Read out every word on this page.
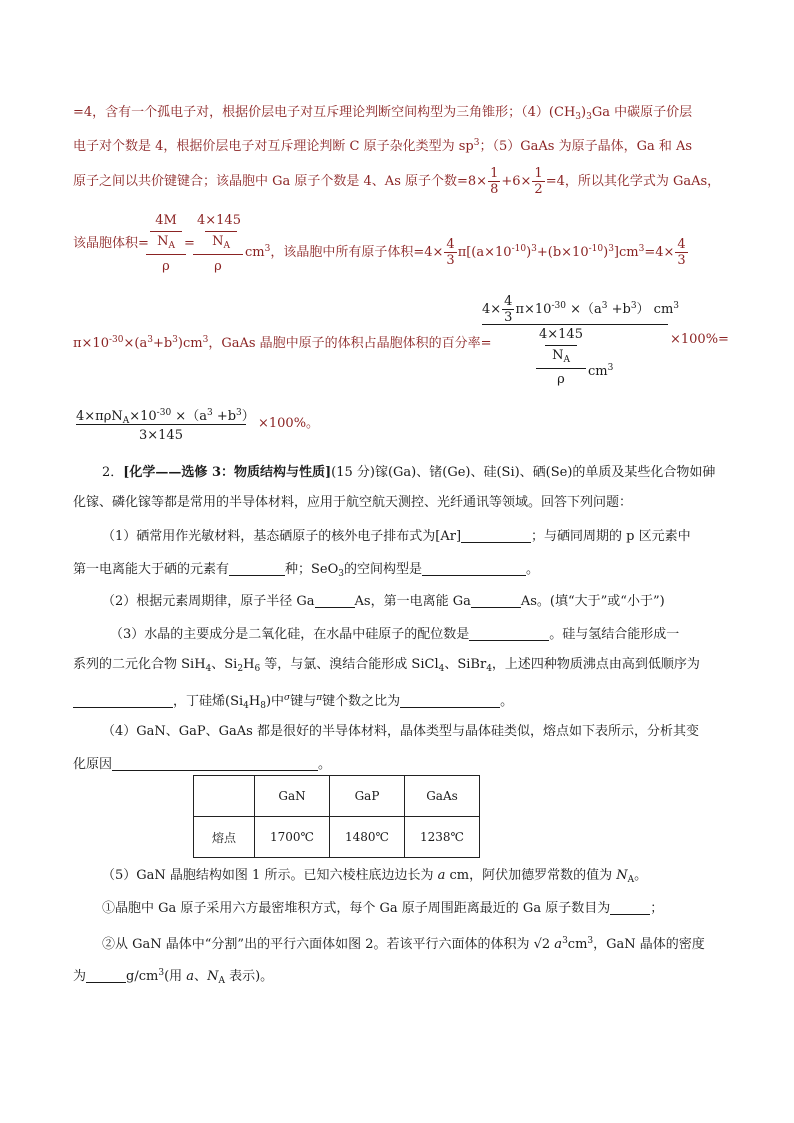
=4，含有一个孤电子对，根据价层电子对互斥理论判断空间构型为三角锥形；$(4)(CH_3)_3Ga$ 中碳原子价层
电子对个数是 4，根据价层电子对互斥理论判断 C 原子杂化类型为 $sp^3$；（5）GaAs 为原子晶体，Ga 和 As
原子之间以共价键键合；该晶胞中 Ga 原子个数是 4、As 原子个数$=8\times \frac{1}{8} +6\times \frac{1}{2} =4$，所以其化学式为 GaAs，
该晶胞体积=
4M
$N_A$
ρ
=
4×145
$N_A$
ρ
$cm^3$，该晶胞中所有原子体积$=4\times \frac{4}{3} \pi[(a\times 10^{-10})^3+(b\times 10^{-10})^3]cm^3=4\times \frac{4}{3}$
$\pi\times 10^{-30}\times(a^3+b^3)cm^3$，GaAs 晶胞中原子的体积占晶胞体积的百分率=
$4\times \frac{4}{3} \pi\times 10^{-30} \times(a^3 +b^3)$ $cm^3$
4×145
$N_A$
ρ
$cm^3$
×100%=
$4\times\pi\rho N_A\times 10^{-30} \times(a^3 +b^3)$
3×145
×100%。
2．[化学——选修 3：物质结构与性质](15 分)镓(Ga)、锗(Ge)、硅(Si)、硒(Se)的单质及某些化合物如砷
化镓、磷化镓等都是常用的半导体材料，应用于航空航天测控、光纤通讯等领域。回答下列问题：
（1）硒常用作光敏材料，基态硒原子的核外电子排布式为[Ar]	；与硒同周期的 p 区元素中
第一电离能大于硒的元素有	种；SeO$_3$的空间构型是	。
（2）根据元素周期律，原子半径 Ga	As，第一电离能 Ga	As。(填“大于”或“小于”)
（3）水晶的主要成分是二氧化硅，在水晶中硅原子的配位数是	。硅与氢结合能形成一
系列的二元化合物 SiH$_4$、$Si_2H_6$ 等，与氯、溴结合能形成 SiCl$_4$、SiBr$_4$，上述四种物质沸点由高到低顺序为
，丁硅烯$(Si_4H_8)$中$^\sigma$键与$^\pi$键个数之比为	。
（4）GaN、GaP、GaAs 都是很好的半导体材料，晶体类型与晶体硅类似，熔点如下表所示，分析其变
化原因	。
	GaN	GaP	GaAs
熔点	1700℃	1480℃	1238℃
（5）GaN 晶胞结构如图 1 所示。已知六棱柱底边边长为 a cm，阿伏加德罗常数的值为 $N_A$。
①晶胞中 Ga 原子采用六方最密堆积方式，每个 Ga 原子周围距离最近的 Ga 原子数目为	；
②从 GaN 晶体中“分割”出的平行六面体如图 2。若该平行六面体的体积为 √2 $a^3cm^3$，GaN 晶体的密度
为	$g/cm^3$(用 a、$N_A$ 表示)。
